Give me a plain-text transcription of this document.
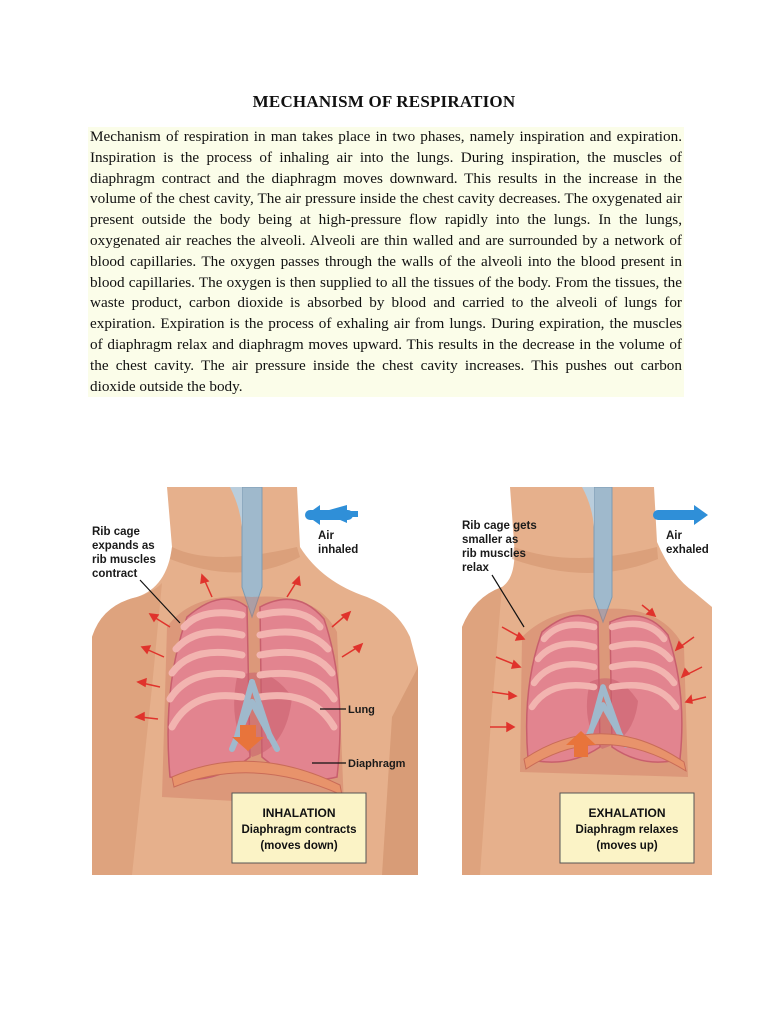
MECHANISM OF RESPIRATION
Mechanism of respiration in man takes place in two phases, namely inspiration and expiration. Inspiration is the process of inhaling air into the lungs. During inspiration, the muscles of diaphragm contract and the diaphragm moves downward. This results in the increase in the volume of the chest cavity, The air pressure inside the chest cavity decreases. The oxygenated air present outside the body being at high-pressure flow rapidly into the lungs. In the lungs, oxygenated air reaches the alveoli. Alveoli are thin walled and are surrounded by a network of blood capillaries. The oxygen passes through the walls of the alveoli into the blood present in blood capillaries. The oxygen is then supplied to all the tissues of the body. From the tissues, the waste product, carbon dioxide is absorbed by blood and carried to the alveoli of lungs for expiration. Expiration is the process of exhaling air from lungs. During expiration, the muscles of diaphragm relax and diaphragm moves upward. This results in the decrease in the volume of the chest cavity. The air pressure inside the chest cavity increases. This pushes out carbon dioxide outside the body.
Rib cage
expands as
rib muscles
contract
Air
inhaled
Lung
Diaphragm
INHALATION
Diaphragm contracts
(moves down)
Rib cage gets
smaller as
rib muscles
relax
Air
exhaled
EXHALATION
Diaphragm relaxes
(moves up)
